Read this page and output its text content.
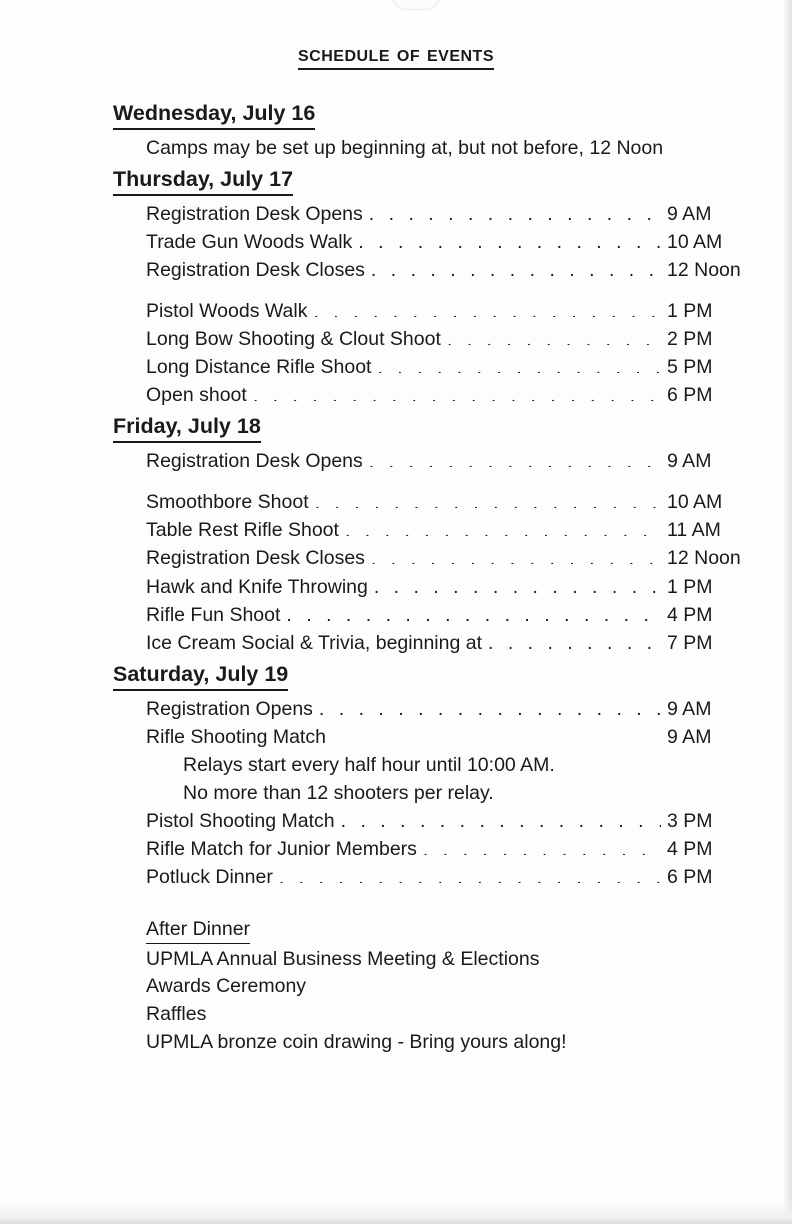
schedule of events
Wednesday, July 16
Camps may be set up beginning at, but not before, 12 Noon
Thursday, July 17
Registration Desk Opens . . .	9 AM
Trade Gun Woods Walk . . .	10 AM
Registration Desk Closes . . .	12 Noon
Pistol Woods Walk . . .	1 PM
Long Bow Shooting & Clout Shoot . . .	2 PM
Long Distance Rifle Shoot . . .	5 PM
Open shoot . . .	6 PM
Friday, July 18
Registration Desk Opens . . .	9 AM
Smoothbore Shoot . . .	10 AM
Table Rest Rifle Shoot . . .	11 AM
Registration Desk Closes . . .	12 Noon
Hawk and Knife Throwing . . .	1 PM
Rifle Fun Shoot . . .	4 PM
Ice Cream Social & Trivia, beginning at . . .	7 PM
Saturday, July 19
Registration Opens . . .	9 AM
Rifle Shooting Match	9 AM
Relays start every half hour until 10:00 AM.
No more than 12 shooters per relay.
Pistol Shooting Match . . .	3 PM
Rifle Match for Junior Members . . .	4 PM
Potluck Dinner . . .	6 PM
After Dinner
UPMLA Annual Business Meeting & Elections
Awards Ceremony
Raffles
UPMLA bronze coin drawing - Bring yours along!
